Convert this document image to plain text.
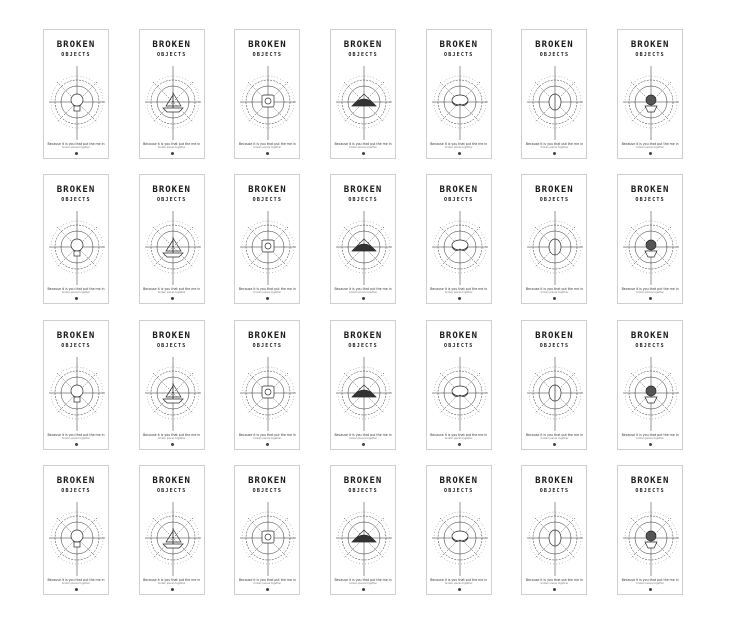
BROKEN
OBJECTS
Because it is you that put the me in
broken pieces together
BROKEN
OBJECTS
Because it is you that put the me in
broken pieces together
BROKEN
OBJECTS
Because it is you that put the me in
broken pieces together
BROKEN
OBJECTS
Because it is you that put the me in
broken pieces together
BROKEN
OBJECTS
Because it is you that put the me in
broken pieces together
BROKEN
OBJECTS
Because it is you that put the me in
broken pieces together
BROKEN
OBJECTS
Because it is you that put the me in
broken pieces together
BROKEN
OBJECTS
Because it is you that put the me in
broken pieces together
BROKEN
OBJECTS
Because it is you that put the me in
broken pieces together
BROKEN
OBJECTS
Because it is you that put the me in
broken pieces together
BROKEN
OBJECTS
Because it is you that put the me in
broken pieces together
BROKEN
OBJECTS
Because it is you that put the me in
broken pieces together
BROKEN
OBJECTS
Because it is you that put the me in
broken pieces together
BROKEN
OBJECTS
Because it is you that put the me in
broken pieces together
BROKEN
OBJECTS
Because it is you that put the me in
broken pieces together
BROKEN
OBJECTS
Because it is you that put the me in
broken pieces together
BROKEN
OBJECTS
Because it is you that put the me in
broken pieces together
BROKEN
OBJECTS
Because it is you that put the me in
broken pieces together
BROKEN
OBJECTS
Because it is you that put the me in
broken pieces together
BROKEN
OBJECTS
Because it is you that put the me in
broken pieces together
BROKEN
OBJECTS
Because it is you that put the me in
broken pieces together
BROKEN
OBJECTS
Because it is you that put the me in
broken pieces together
BROKEN
OBJECTS
Because it is you that put the me in
broken pieces together
BROKEN
OBJECTS
Because it is you that put the me in
broken pieces together
BROKEN
OBJECTS
Because it is you that put the me in
broken pieces together
BROKEN
OBJECTS
Because it is you that put the me in
broken pieces together
BROKEN
OBJECTS
Because it is you that put the me in
broken pieces together
BROKEN
OBJECTS
Because it is you that put the me in
broken pieces together
